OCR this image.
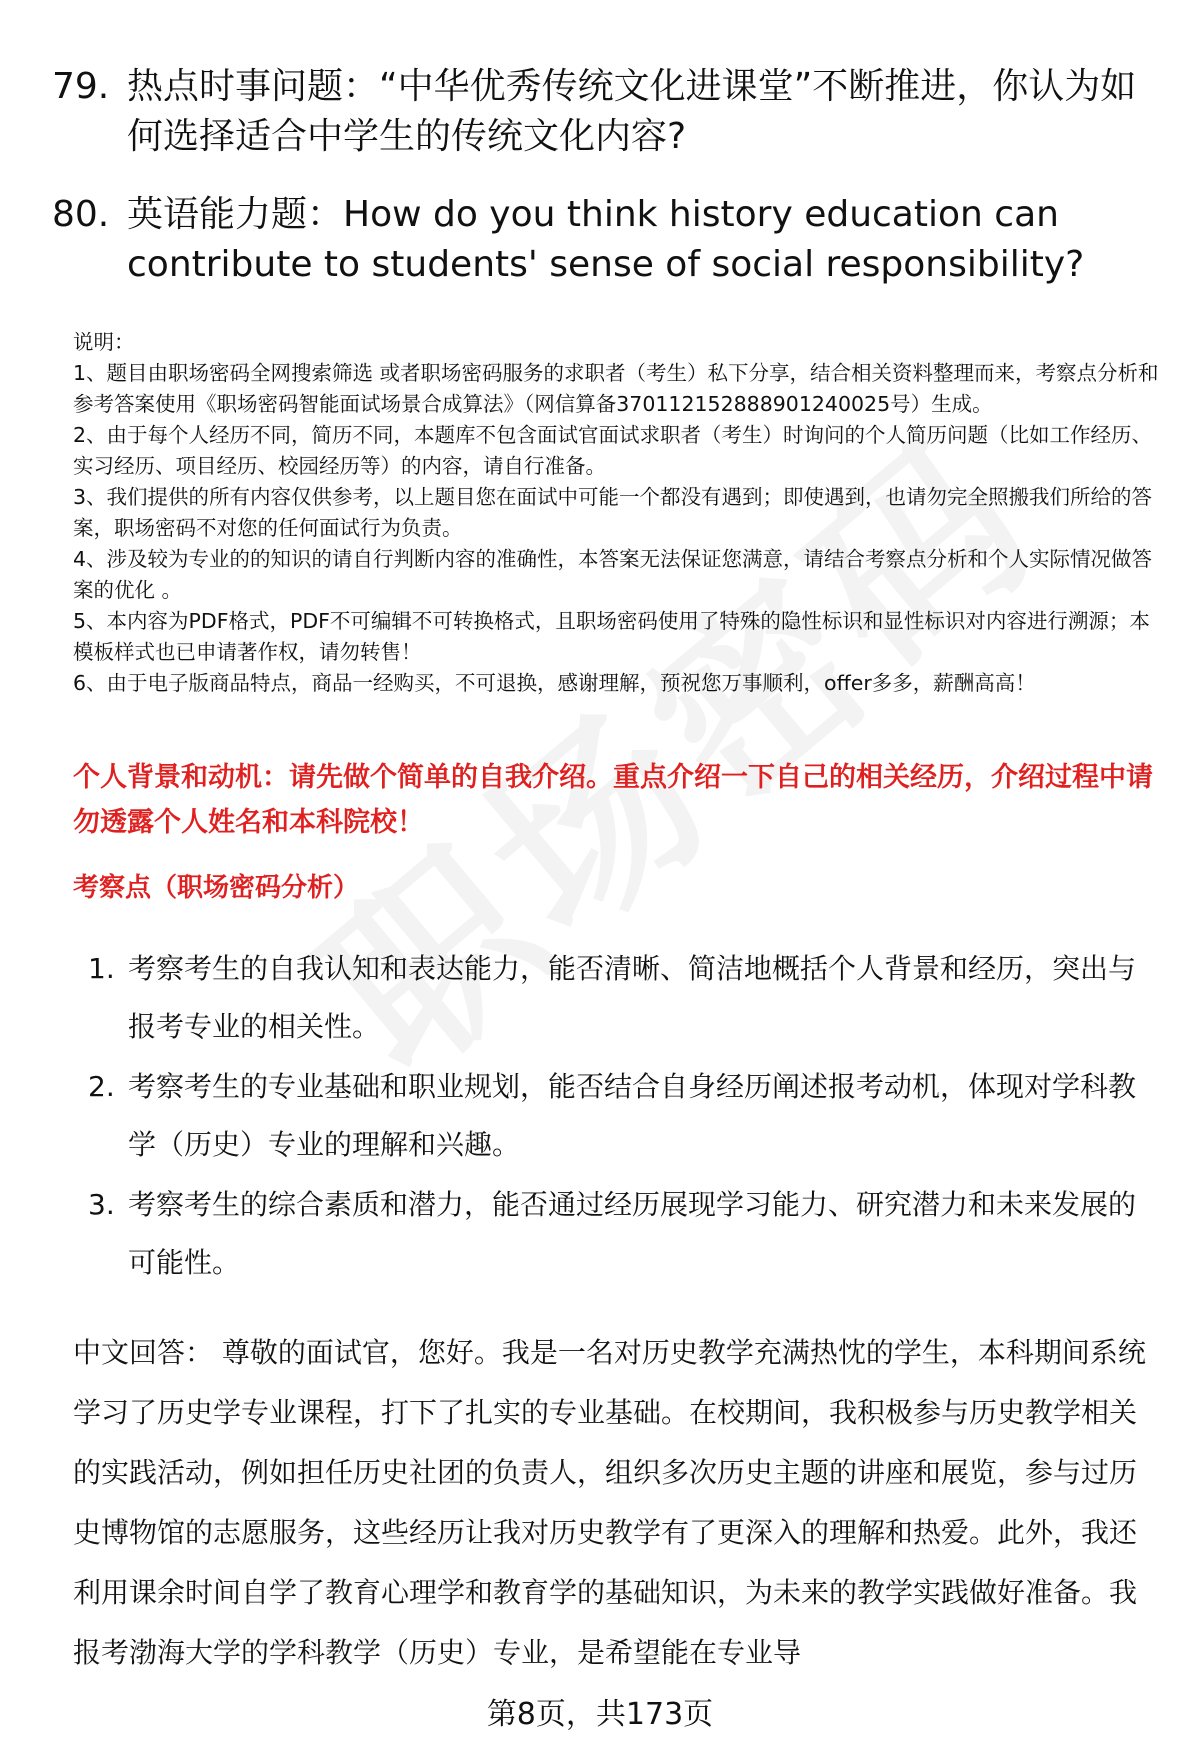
79. 热点时事问题：“中华优秀传统文化进课堂”不断推进，你认为如何选择适合中学生的传统文化内容?
80. 英语能力题：How do you think history education can contribute to students' sense of social responsibility?

说明：

1、题目由职场密码全网搜索筛选 或者职场密码服务的求职者（考生）私下分享，结合相关资料整理而来，考察点分析和参考答案使用《职场密码智能面试场景合成算法》（网信算备370112152888901240025号）生成。

2、由于每个人经历不同，简历不同，本题库不包含面试官面试求职者（考生）时询问的个人简历问题（比如工作经历、实习经历、项目经历、校园经历等）的内容，请自行准备。

3、我们提供的所有内容仅供参考，以上题目您在面试中可能一个都没有遇到；即使遇到，也请勿完全照搬我们所给的答案，职场密码不对您的任何面试行为负责。

4、涉及较为专业的的知识的请自行判断内容的准确性，本答案无法保证您满意，请结合考察点分析和个人实际情况做答案的优化 。

5、本内容为PDF格式，PDF不可编辑不可转换格式，且职场密码使用了特殊的隐性标识和显性标识对内容进行溯源；本模板样式也已申请著作权，请勿转售！

6、由于电子版商品特点，商品一经购买，不可退换，感谢理解，预祝您万事顺利，offer多多，薪酬高高！

个人背景和动机：请先做个简单的自我介绍。重点介绍一下自己的相关经历，介绍过程中请勿透露个人姓名和本科院校！
考察点（职场密码分析）
1. 考察考生的自我认知和表达能力，能否清晰、简洁地概括个人背景和经历，突出与报考专业的相关性。
2. 考察考生的专业基础和职业规划，能否结合自身经历阐述报考动机，体现对学科教学（历史）专业的理解和兴趣。
3. 考察考生的综合素质和潜力，能否通过经历展现学习能力、研究潜力和未来发展的可能性。
中文回答： 尊敬的面试官，您好。我是一名对历史教学充满热忱的学生，本科期间系统学习了历史学专业课程，打下了扎实的专业基础。在校期间，我积极参与历史教学相关的实践活动，例如担任历史社团的负责人，组织多次历史主题的讲座和展览，参与过历史博物馆的志愿服务，这些经历让我对历史教学有了更深入的理解和热爱。此外，我还利用课余时间自学了教育心理学和教育学的基础知识，为未来的教学实践做好准备。我报考渤海大学的学科教学（历史）专业，是希望能在专业导
第8页，共173页
